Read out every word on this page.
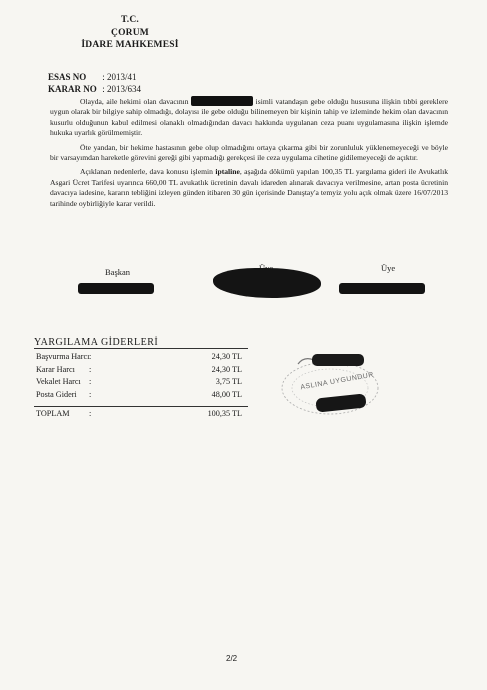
T.C.
ÇORUM
İDARE MAHKEMESİ
ESAS NO : 2013/41
KARAR NO : 2013/634

Olayda, aile hekimi olan davacının	isimli vatandaşın gebe olduğu hususuna ilişkin tıbbi gereklere uygun olarak bir bilgiye sahip olmadığı, dolayısı ile gebe olduğu bilinemeyen bir kişinin tahip ve izleminde hekim olan davacının kusurlu olduğunun kabul edilmesi olanaklı olmadığından davacı hakkında uygulanan ceza puanı uygulamasına ilişkin işlemde hukuka uyarlık görülmemiştir.

Öte yandan, bir hekime hastasının gebe olup olmadığını ortaya çıkarma gibi bir zorunluluk yüklenemeyeceği ve böyle bir varsayımdan hareketle görevini gereği gibi yapmadığı gerekçesi ile ceza uygulama cihetine gidilemeyeceği de açıktır.

Açıklanan nedenlerle, dava konusu işlemin iptaline, aşağıda dökümü yapılan 100,35 TL yargılama gideri ile Avukatlık Asgari Ücret Tarifesi uyarınca 660,00 TL avukatlık ücretinin davalı idareden alınarak davacıya verilmesine, artan posta ücretinin davacıya iadesine, kararın tebliğini izleyen günden itibaren 30 gün içerisinde Danıştay'a temyiz yolu açık olmak üzere 16/07/2013 tarihinde oybirliğiyle karar verildi.

Başkan	Üye
YARGILAMA GİDERLERİ
Başvurma Harcı :	24,30 TL
Karar Harcı :	24,30 TL
Vekalet Harcı :	3,75 TL
Posta Gideri :	48,00 TL
TOPLAM :	100,35 TL
ASLINA UYGUNDUR
2/2
